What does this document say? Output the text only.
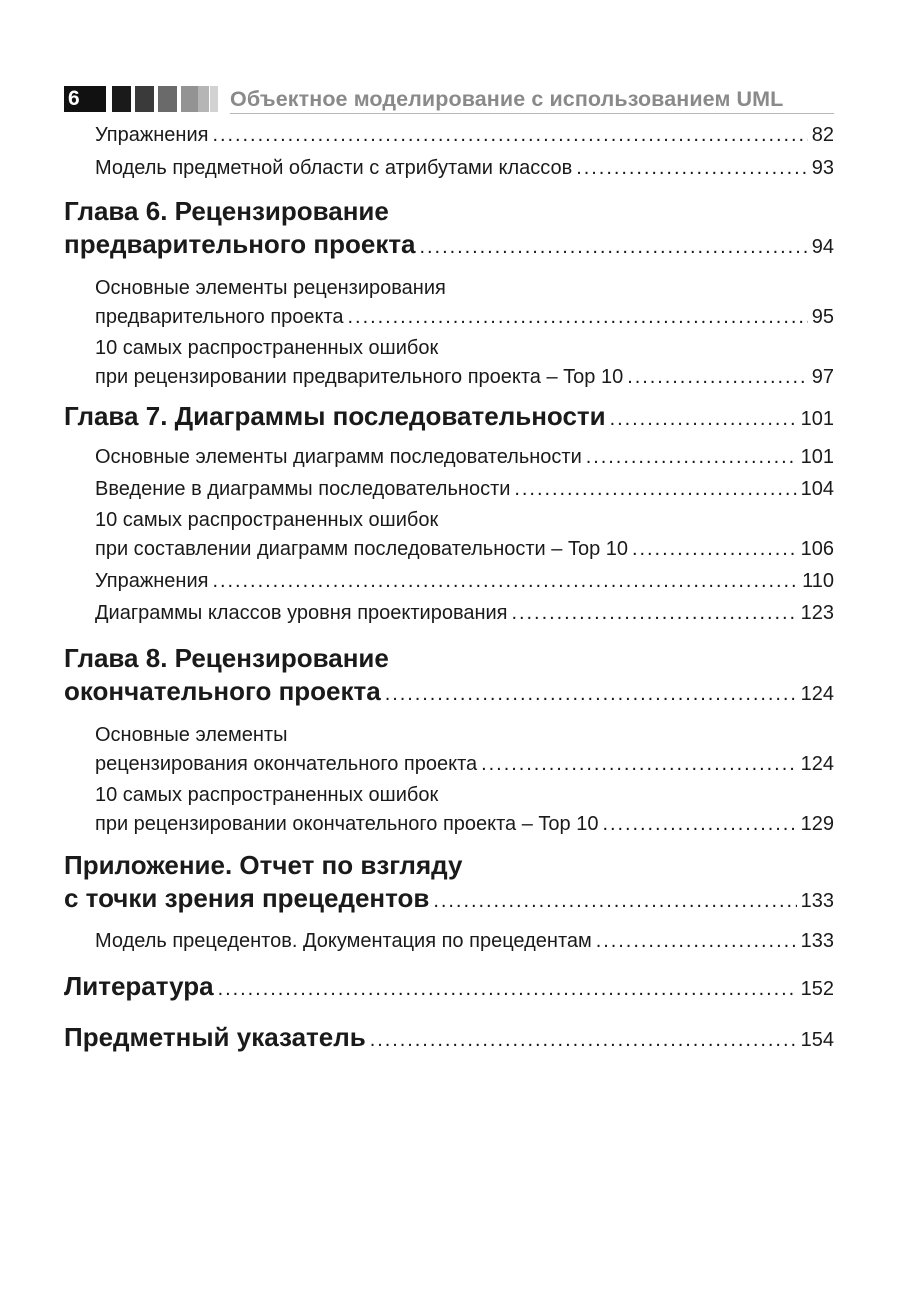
6	Объектное моделирование с использованием UML
Упражнения . . .	82
Модель предметной области с атрибутами классов . . .	93
Глава 6. Рецензирование
предварительного проекта . . .	94
Основные элементы рецензирования
предварительного проекта . . .	95
10 самых распространенных ошибок
при рецензировании предварительного проекта – Top 10 . . .	97
Глава 7. Диаграммы последовательности . . .	101
Основные элементы диаграмм последовательности . . .	101
Введение в диаграммы последовательности . . .	104
10 самых распространенных ошибок
при составлении диаграмм последовательности – Top 10 . . .	106
Упражнения . . .	110
Диаграммы классов уровня проектирования . . .	123
Глава 8. Рецензирование
окончательного проекта . . .	124
Основные элементы
рецензирования окончательного проекта . . .	124
10 самых распространенных ошибок
при рецензировании окончательного проекта – Top 10 . . .	129
Приложение. Отчет по взгляду
с точки зрения прецедентов . . .	133
Модель прецедентов. Документация по прецедентам . . .	133
Литература . . .	152
Предметный указатель . . .	154
